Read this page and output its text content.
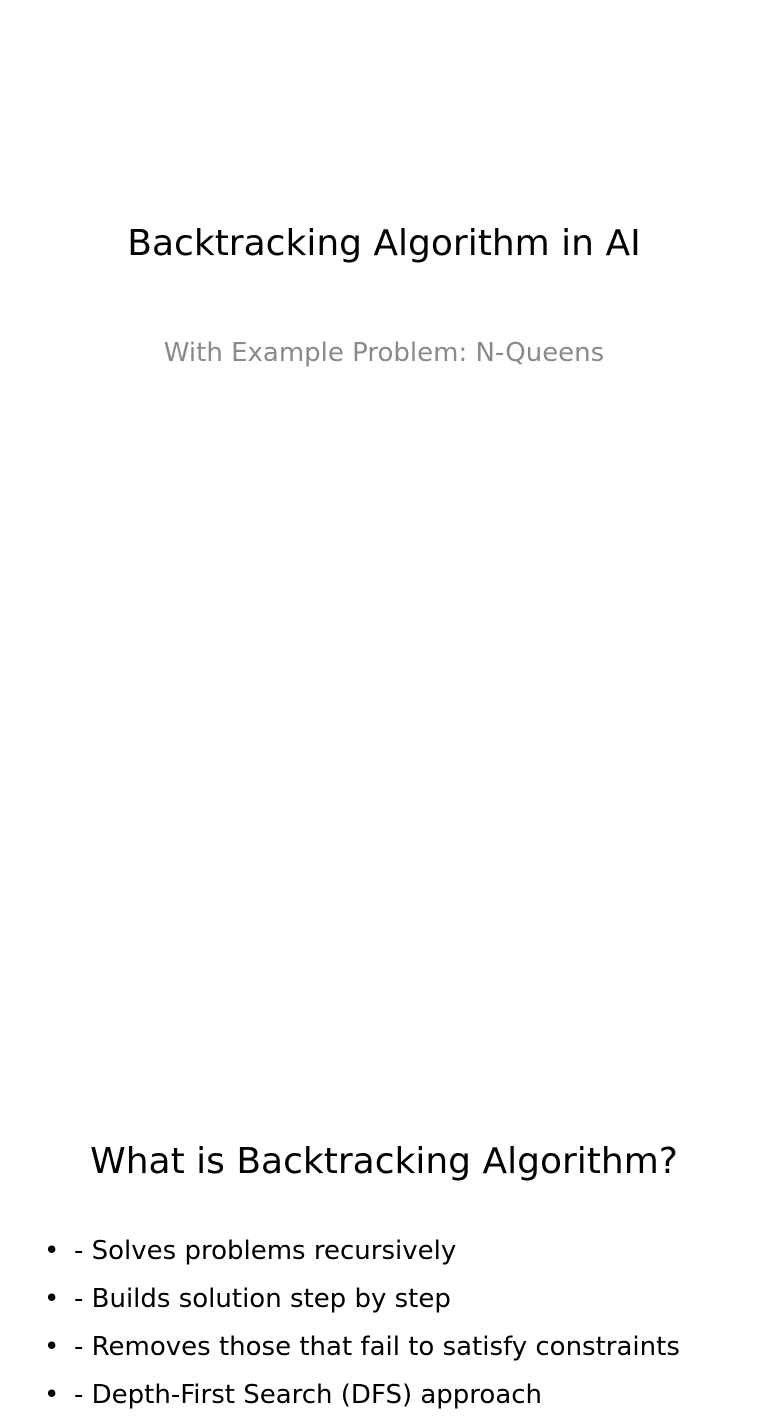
Backtracking Algorithm in AI
With Example Problem: N-Queens
What is Backtracking Algorithm?
• - Solves problems recursively
• - Builds solution step by step
• - Removes those that fail to satisfy constraints
• - Depth-First Search (DFS) approach
